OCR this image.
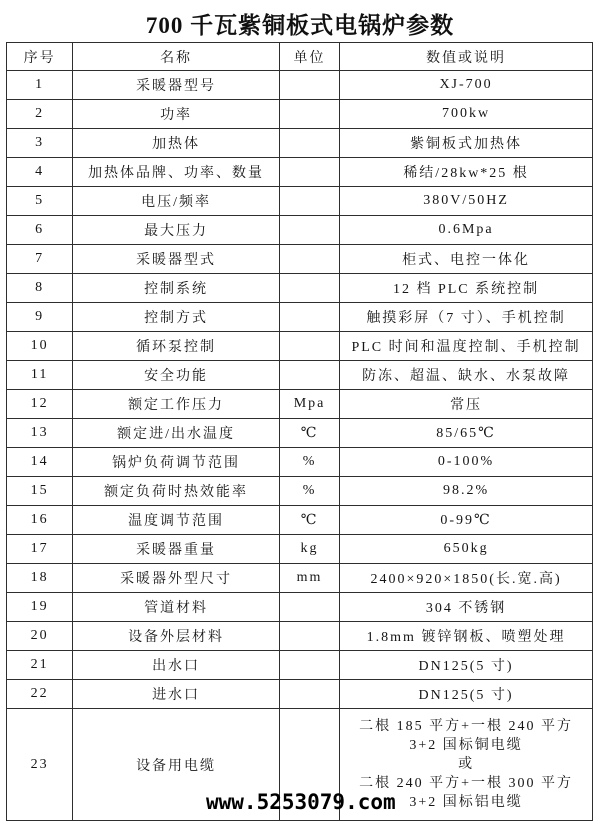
700 千瓦紫铜板式电锅炉参数
序号	名称	单位	数值或说明
1	采暖器型号		XJ-700
2	功率		700kw
3	加热体		紫铜板式加热体
4	加热体品牌、功率、数量		稀结/28kw*25 根
5	电压/频率		380V/50HZ
6	最大压力		0.6Mpa
7	采暖器型式		柜式、电控一体化
8	控制系统		12 档 PLC 系统控制
9	控制方式		触摸彩屏（7 寸）、手机控制
10	循环泵控制		PLC 时间和温度控制、手机控制
11	安全功能		防冻、超温、缺水、水泵故障
12	额定工作压力	Mpa	常压
13	额定进/出水温度	℃	85/65℃
14	锅炉负荷调节范围	%	0-100%
15	额定负荷时热效能率	%	98.2%
16	温度调节范围	℃	0-99℃
17	采暖器重量	kg	650kg
18	采暖器外型尺寸	mm	2400×920×1850(长.宽.高)
19	管道材料		304 不锈钢
20	设备外层材料		1.8mm 镀锌钢板、喷塑处理
21	出水口		DN125(5 寸)
22	进水口		DN125(5 寸)
23	设备用电缆		二根 185 平方+一根 240 平方
3+2 国标铜电缆
或
二根 240 平方+一根 300 平方
3+2 国标铝电缆
www.5253079.com
